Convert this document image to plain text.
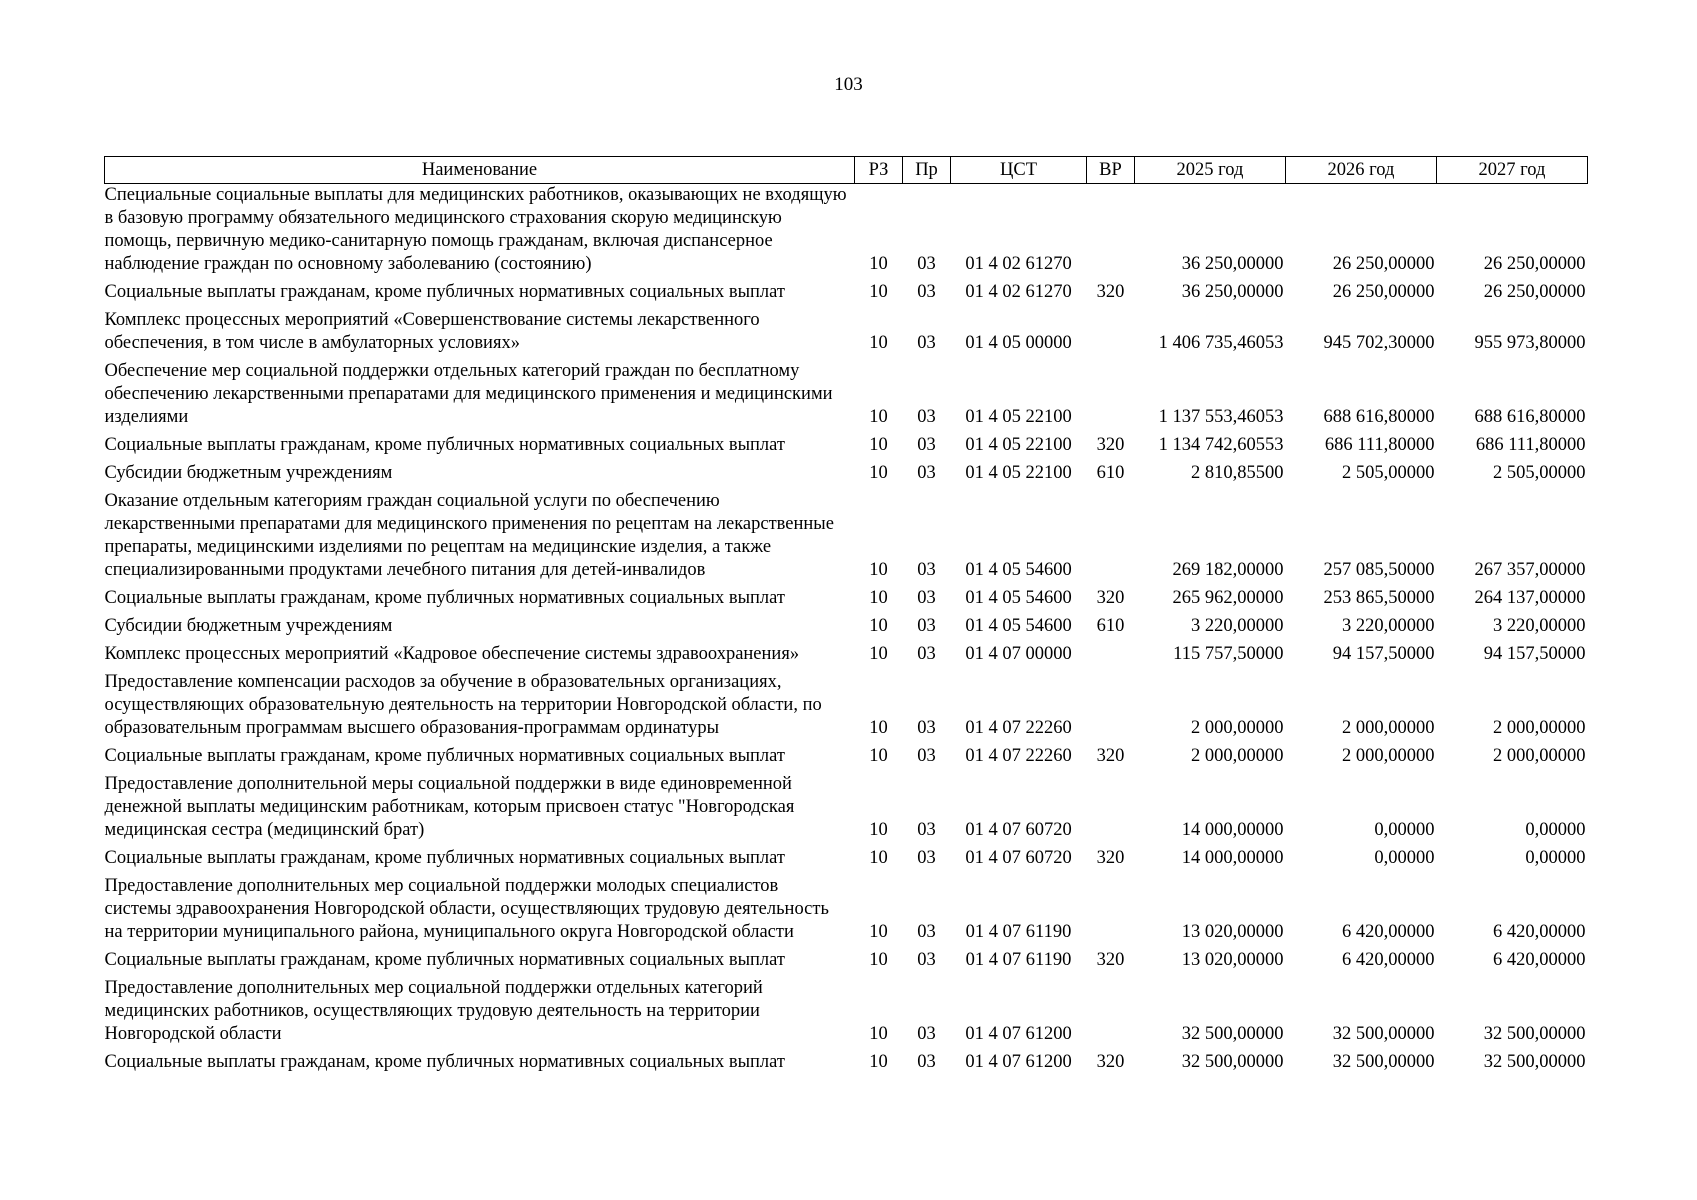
103
Наименование	РЗ	Пр	ЦСТ	ВР	2025 год	2026 год	2027 год
Специальные социальные выплаты для медицинских работников, оказывающих не входящую в базовую программу обязательного медицинского страхования скорую медицинскую помощь, первичную медико-санитарную помощь гражданам, включая диспансерное наблюдение граждан по основному заболеванию (состоянию)	10	03	01 4 02 61270		36 250,00000	26 250,00000	26 250,00000
Социальные выплаты гражданам, кроме публичных нормативных социальных выплат	10	03	01 4 02 61270	320	36 250,00000	26 250,00000	26 250,00000
Комплекс процессных мероприятий «Совершенствование системы лекарственного обеспечения, в том числе в амбулаторных условиях»	10	03	01 4 05 00000		1 406 735,46053	945 702,30000	955 973,80000
Обеспечение мер социальной поддержки отдельных категорий граждан по бесплатному обеспечению лекарственными препаратами для медицинского применения и медицинскими изделиями	10	03	01 4 05 22100		1 137 553,46053	688 616,80000	688 616,80000
Социальные выплаты гражданам, кроме публичных нормативных социальных выплат	10	03	01 4 05 22100	320	1 134 742,60553	686 111,80000	686 111,80000
Субсидии бюджетным учреждениям	10	03	01 4 05 22100	610	2 810,85500	2 505,00000	2 505,00000
Оказание отдельным категориям граждан социальной услуги по обеспечению лекарственными препаратами для медицинского применения по рецептам на лекарственные препараты, медицинскими изделиями по рецептам на медицинские изделия, а также специализированными продуктами лечебного питания для детей-инвалидов	10	03	01 4 05 54600		269 182,00000	257 085,50000	267 357,00000
Социальные выплаты гражданам, кроме публичных нормативных социальных выплат	10	03	01 4 05 54600	320	265 962,00000	253 865,50000	264 137,00000
Субсидии бюджетным учреждениям	10	03	01 4 05 54600	610	3 220,00000	3 220,00000	3 220,00000
Комплекс процессных мероприятий «Кадровое обеспечение системы здравоохранения»	10	03	01 4 07 00000		115 757,50000	94 157,50000	94 157,50000
Предоставление компенсации расходов за обучение в образовательных организациях, осуществляющих образовательную деятельность на территории Новгородской области, по образовательным программам высшего образования-программам ординатуры	10	03	01 4 07 22260		2 000,00000	2 000,00000	2 000,00000
Социальные выплаты гражданам, кроме публичных нормативных социальных выплат	10	03	01 4 07 22260	320	2 000,00000	2 000,00000	2 000,00000
Предоставление дополнительной меры социальной поддержки в виде единовременной денежной выплаты медицинским работникам, которым присвоен статус "Новгородская медицинская сестра (медицинский брат)	10	03	01 4 07 60720		14 000,00000	0,00000	0,00000
Социальные выплаты гражданам, кроме публичных нормативных социальных выплат	10	03	01 4 07 60720	320	14 000,00000	0,00000	0,00000
Предоставление дополнительных мер социальной поддержки молодых специалистов системы здравоохранения Новгородской области, осуществляющих трудовую деятельность на территории муниципального района, муниципального округа Новгородской области	10	03	01 4 07 61190		13 020,00000	6 420,00000	6 420,00000
Социальные выплаты гражданам, кроме публичных нормативных социальных выплат	10	03	01 4 07 61190	320	13 020,00000	6 420,00000	6 420,00000
Предоставление дополнительных мер социальной поддержки отдельных категорий медицинских работников, осуществляющих трудовую деятельность на территории Новгородской области	10	03	01 4 07 61200		32 500,00000	32 500,00000	32 500,00000
Социальные выплаты гражданам, кроме публичных нормативных социальных выплат	10	03	01 4 07 61200	320	32 500,00000	32 500,00000	32 500,00000
